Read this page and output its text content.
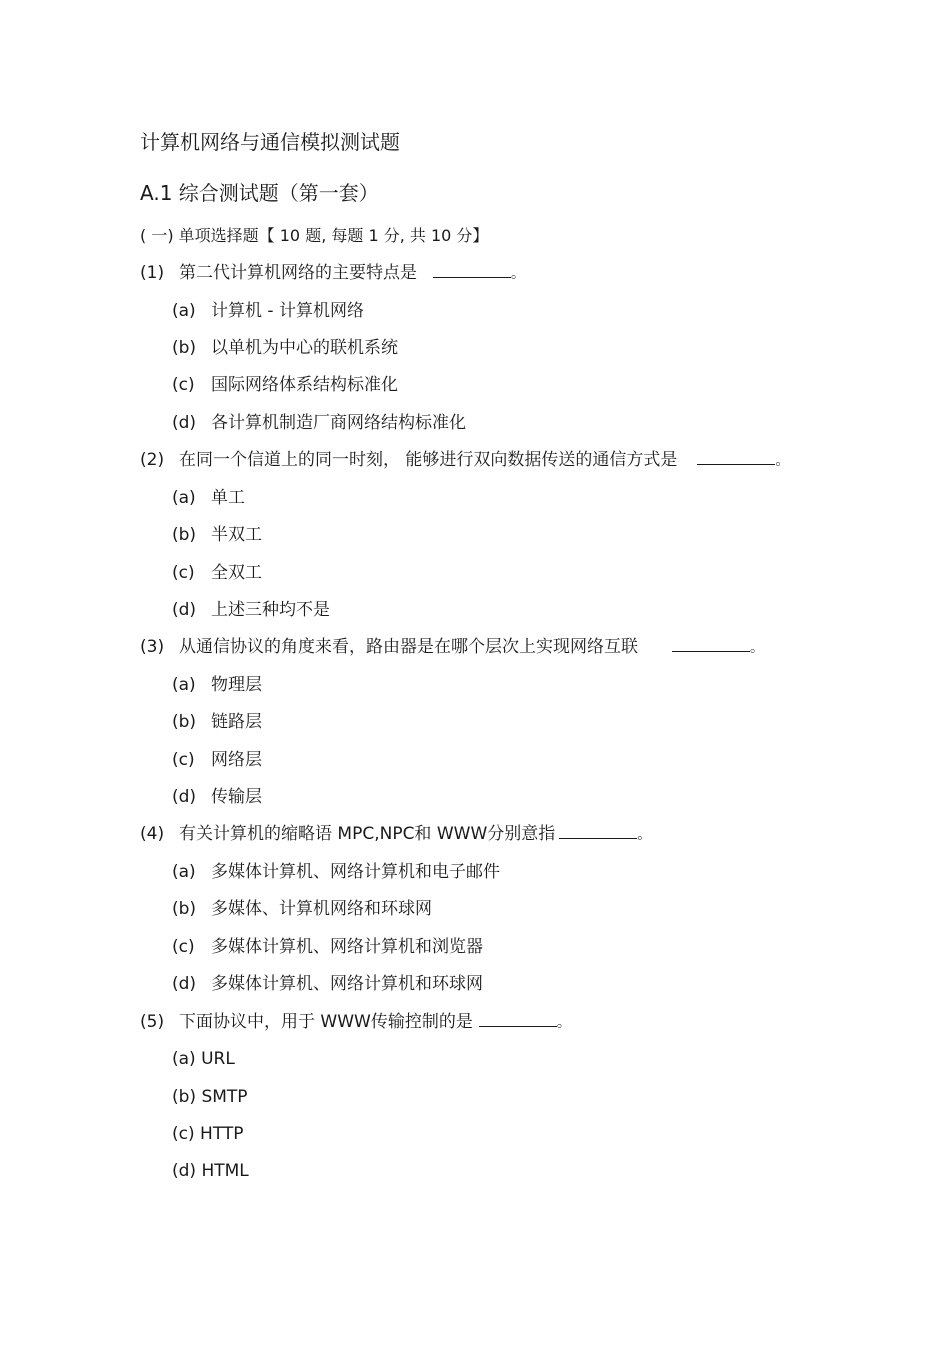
计算机网络与通信模拟测试题
A.1 综合测试题（第一套）
( 一) 单项选择题【 10 题, 每题 1 分, 共 10 分】
(1) 第二代计算机网络的主要特点是	。
(a) 计算机 - 计算机网络
(b) 以单机为中心的联机系统
(c) 国际网络体系结构标准化
(d) 各计算机制造厂商网络结构标准化
(2) 在同一个信道上的同一时刻， 能够进行双向数据传送的通信方式是	。
(a) 单工
(b) 半双工
(c) 全双工
(d) 上述三种均不是
(3) 从通信协议的角度来看，路由器是在哪个层次上实现网络互联	。
(a) 物理层
(b) 链路层
(c) 网络层
(d) 传输层
(4) 有关计算机的缩略语 MPC,NPC和 WWW分别意指	。
(a) 多媒体计算机、网络计算机和电子邮件
(b) 多媒体、计算机网络和环球网
(c) 多媒体计算机、网络计算机和浏览器
(d) 多媒体计算机、网络计算机和环球网
(5) 下面协议中，用于 WWW传输控制的是	。
(a) URL
(b) SMTP
(c) HTTP
(d) HTML
